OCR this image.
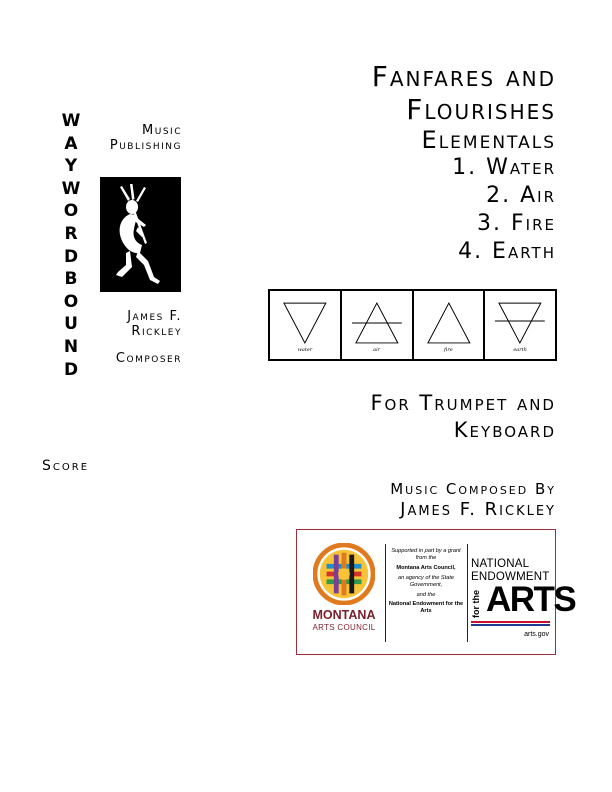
W
A
Y
W
O
R
D
B
O
U
N
D
Music
Publishing
James F.
Rickley
Composer
Fanfares and
Flourishes
Elementals
1. Water
2. Air
3. Fire
4. Earth
water	air	fire	earth
For Trumpet and
Keyboard
Score
Music Composed By
James F. Rickley
MONTANA
ARTS COUNCIL

Supported in part by a grant from the

Montana Arts Council,

an agency of the State Government,

and the

National Endowment for the Arts

NATIONAL
ENDOWMENT
for the ARTS
arts.gov
